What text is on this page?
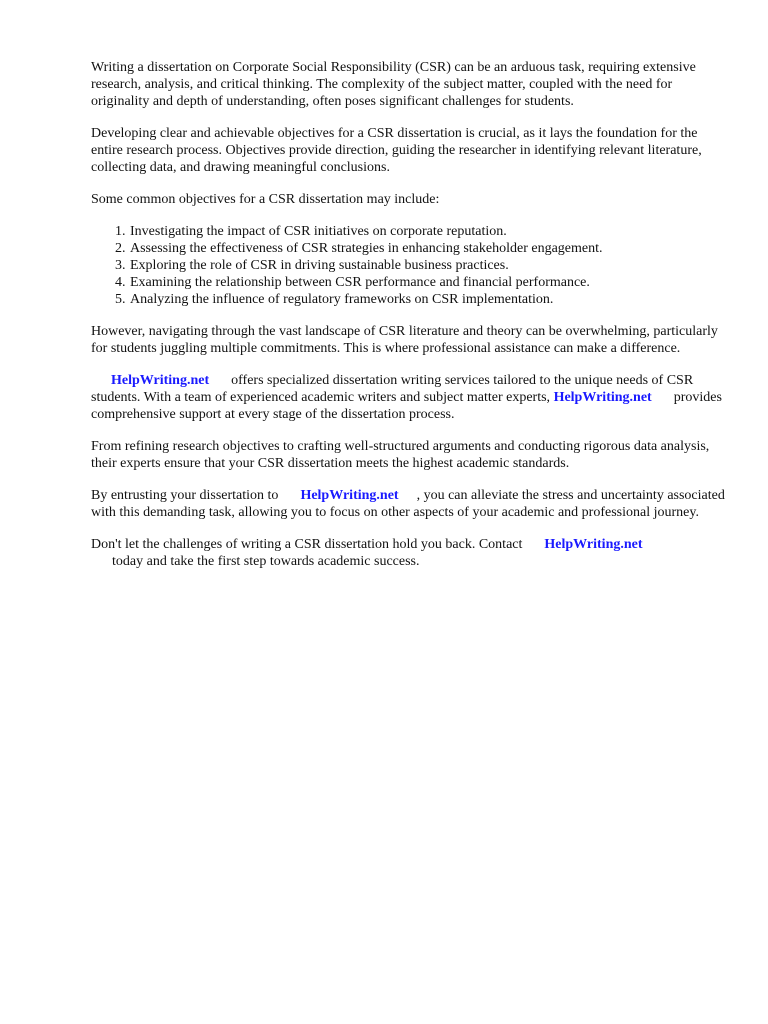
Writing a dissertation on Corporate Social Responsibility (CSR) can be an arduous task, requiring extensive research, analysis, and critical thinking. The complexity of the subject matter, coupled with the need for originality and depth of understanding, often poses significant challenges for students.

Developing clear and achievable objectives for a CSR dissertation is crucial, as it lays the foundation for the entire research process. Objectives provide direction, guiding the researcher in identifying relevant literature, collecting data, and drawing meaningful conclusions.

Some common objectives for a CSR dissertation may include:

1. Investigating the impact of CSR initiatives on corporate reputation.
2. Assessing the effectiveness of CSR strategies in enhancing stakeholder engagement.
3. Exploring the role of CSR in driving sustainable business practices.
4. Examining the relationship between CSR performance and financial performance.
5. Analyzing the influence of regulatory frameworks on CSR implementation.

However, navigating through the vast landscape of CSR literature and theory can be overwhelming, particularly for students juggling multiple commitments. This is where professional assistance can make a difference.

HelpWriting.net offers specialized dissertation writing services tailored to the unique needs of CSR students. With a team of experienced academic writers and subject matter experts, HelpWriting.net provides comprehensive support at every stage of the dissertation process.

From refining research objectives to crafting well-structured arguments and conducting rigorous data analysis, their experts ensure that your CSR dissertation meets the highest academic standards.

By entrusting your dissertation to HelpWriting.net , you can alleviate the stress and uncertainty associated with this demanding task, allowing you to focus on other aspects of your academic and professional journey.

Don't let the challenges of writing a CSR dissertation hold you back. Contact HelpWriting.net
today and take the first step towards academic success.
